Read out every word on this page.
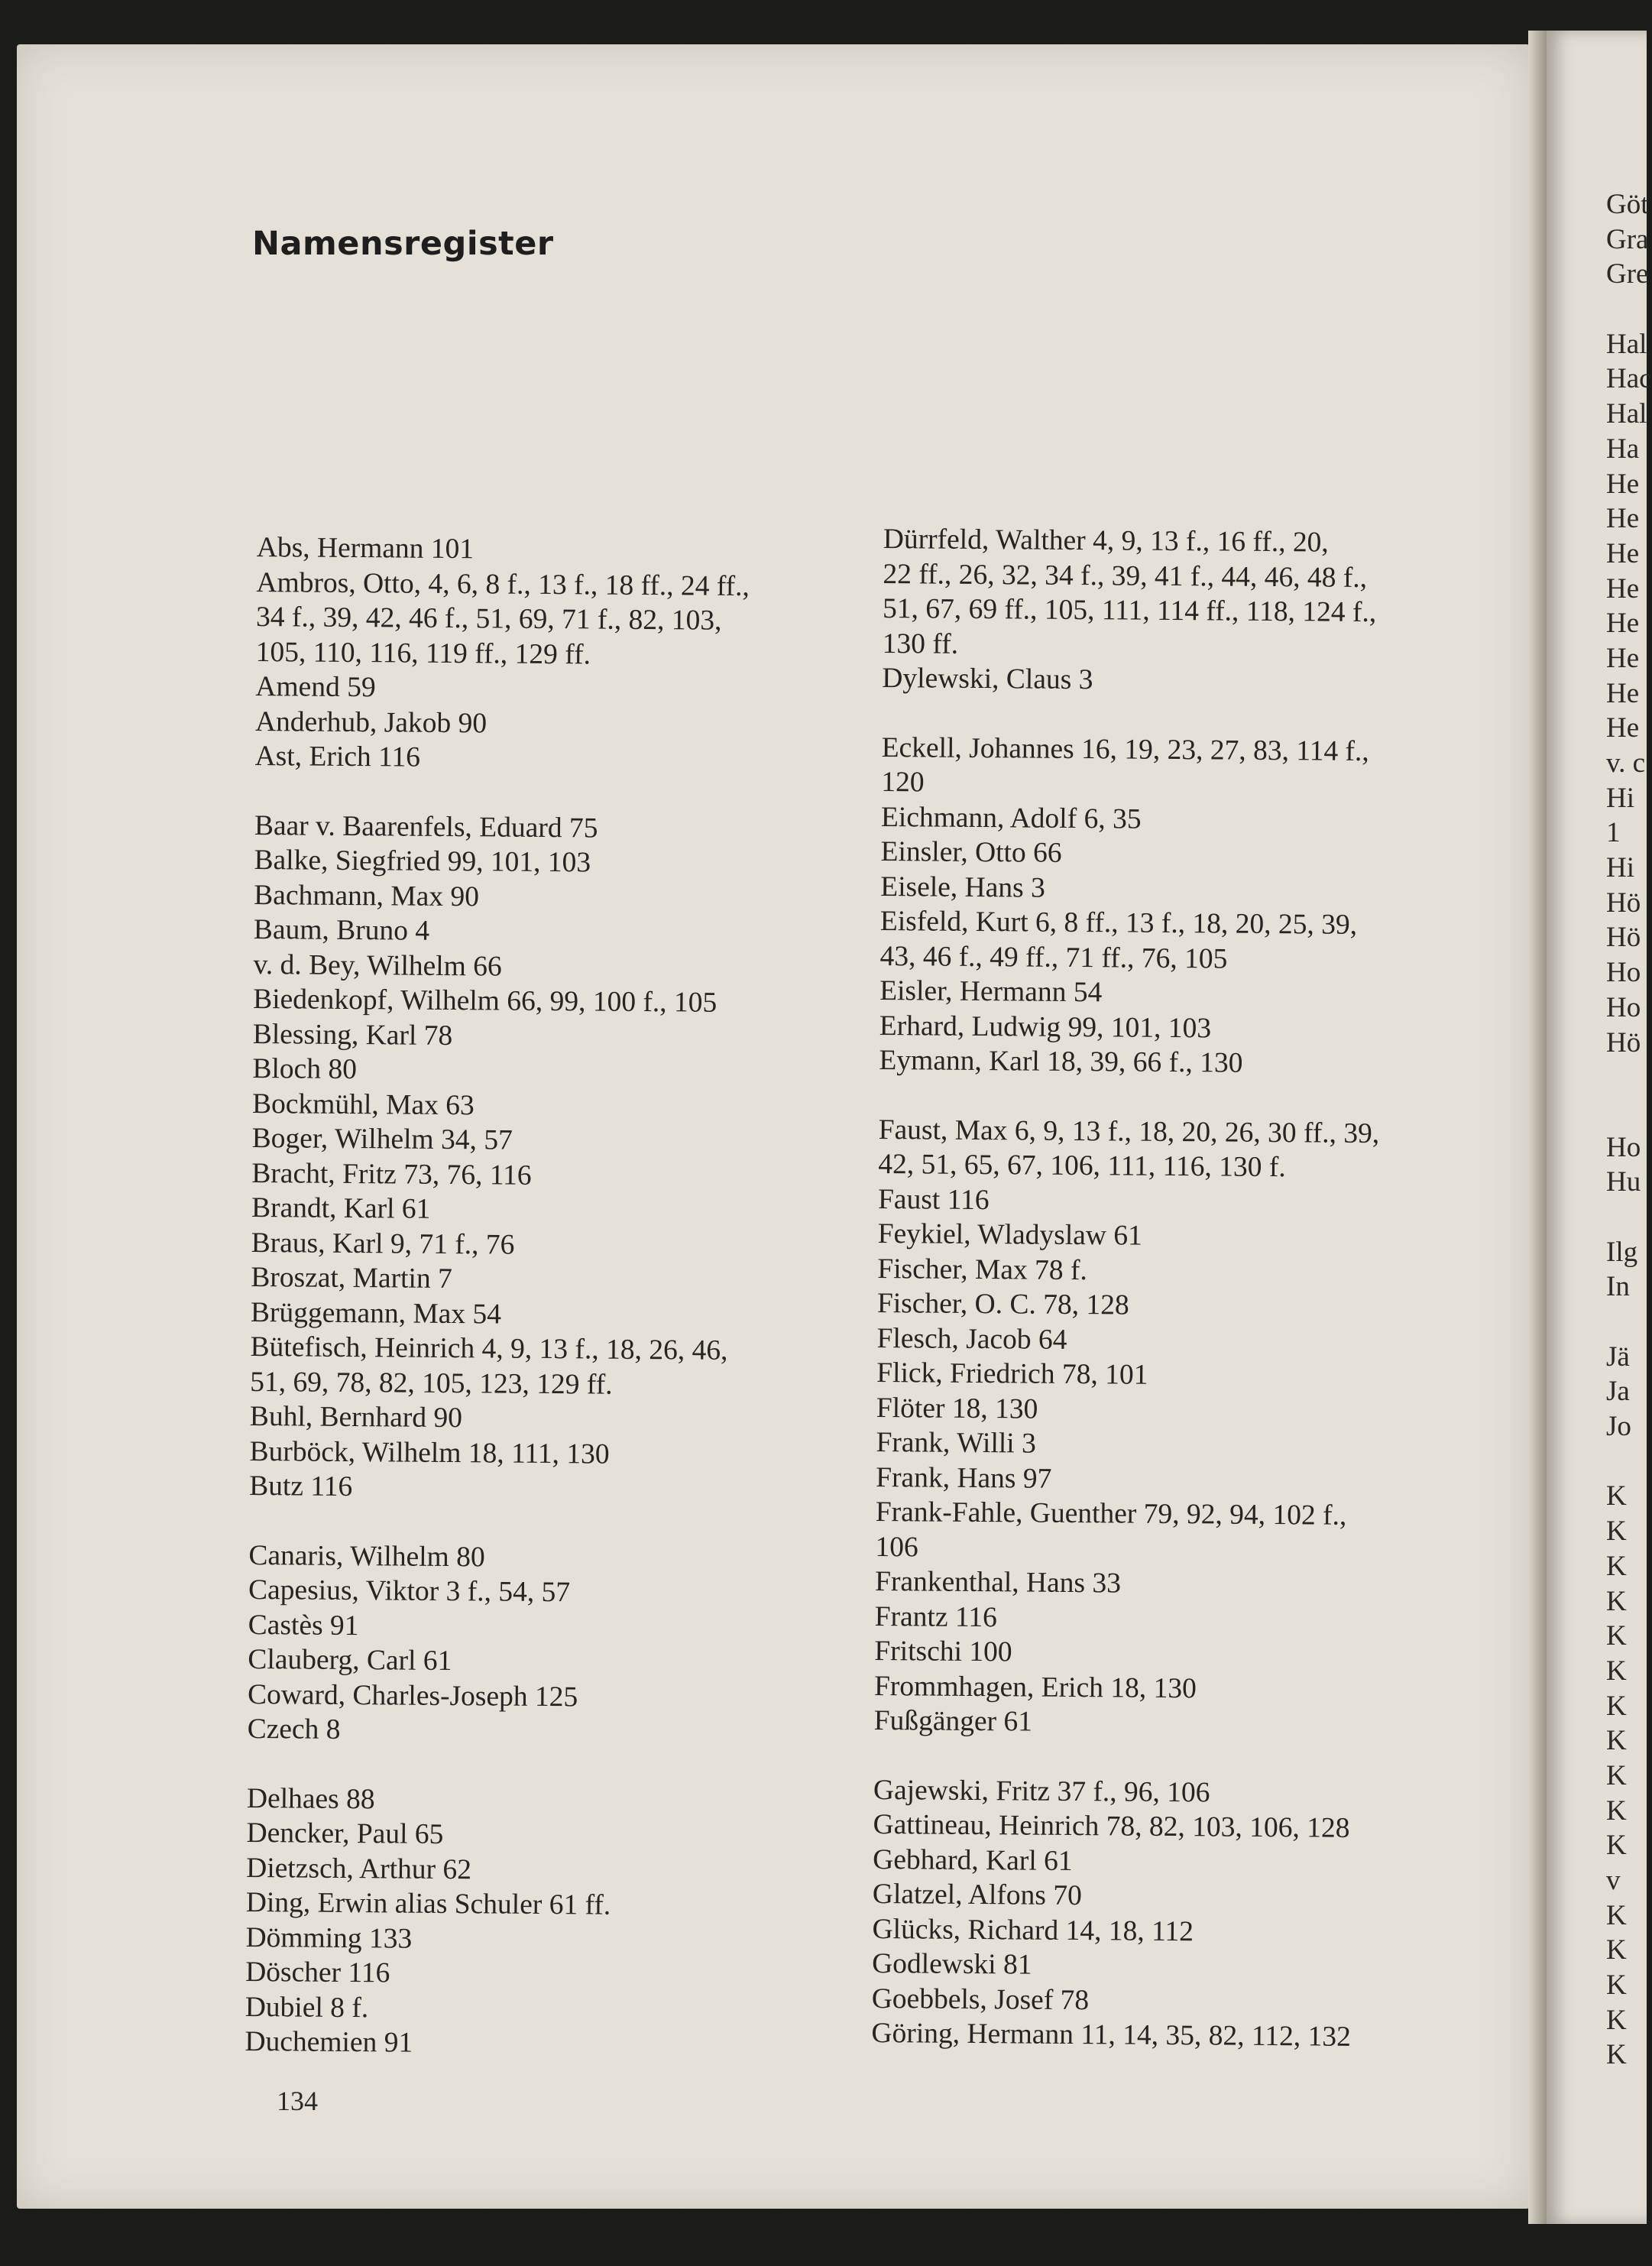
Namensregister

Abs, Hermann 101

Ambros, Otto, 4, 6, 8 f., 13 f., 18 ff., 24 ff.,
34 f., 39, 42, 46 f., 51, 69, 71 f., 82, 103,
105, 110, 116, 119 ff., 129 ff.

Amend 59

Anderhub, Jakob 90

Ast, Erich 116

Baar v. Baarenfels, Eduard 75

Balke, Siegfried 99, 101, 103

Bachmann, Max 90

Baum, Bruno 4

v. d. Bey, Wilhelm 66

Biedenkopf, Wilhelm 66, 99, 100 f., 105

Blessing, Karl 78

Bloch 80

Bockmühl, Max 63

Boger, Wilhelm 34, 57

Bracht, Fritz 73, 76, 116

Brandt, Karl 61

Braus, Karl 9, 71 f., 76

Broszat, Martin 7

Brüggemann, Max 54

Bütefisch, Heinrich 4, 9, 13 f., 18, 26, 46,
51, 69, 78, 82, 105, 123, 129 ff.

Buhl, Bernhard 90

Burböck, Wilhelm 18, 111, 130

Butz 116

Canaris, Wilhelm 80

Capesius, Viktor 3 f., 54, 57

Castès 91

Clauberg, Carl 61

Coward, Charles-Joseph 125

Czech 8

Delhaes 88

Dencker, Paul 65

Dietzsch, Arthur 62

Ding, Erwin alias Schuler 61 ff.

Dömming 133

Döscher 116

Dubiel 8 f.

Duchemien 91

Dürrfeld, Walther 4, 9, 13 f., 16 ff., 20,
22 ff., 26, 32, 34 f., 39, 41 f., 44, 46, 48 f.,
51, 67, 69 ff., 105, 111, 114 ff., 118, 124 f.,
130 ff.

Dylewski, Claus 3

Eckell, Johannes 16, 19, 23, 27, 83, 114 f.,
120

Eichmann, Adolf 6, 35

Einsler, Otto 66

Eisele, Hans 3

Eisfeld, Kurt 6, 8 ff., 13 f., 18, 20, 25, 39,
43, 46 f., 49 ff., 71 ff., 76, 105

Eisler, Hermann 54

Erhard, Ludwig 99, 101, 103

Eymann, Karl 18, 39, 66 f., 130

Faust, Max 6, 9, 13 f., 18, 20, 26, 30 ff., 39,
42, 51, 65, 67, 106, 111, 116, 130 f.

Faust 116

Feykiel, Wladyslaw 61

Fischer, Max 78 f.

Fischer, O. C. 78, 128

Flesch, Jacob 64

Flick, Friedrich 78, 101

Flöter 18, 130

Frank, Willi 3

Frank, Hans 97

Frank-Fahle, Guenther 79, 92, 94, 102 f.,
106

Frankenthal, Hans 33

Frantz 116

Fritschi 100

Frommhagen, Erich 18, 130

Fußgänger 61

Gajewski, Fritz 37 f., 96, 106

Gattineau, Heinrich 78, 82, 103, 106, 128

Gebhard, Karl 61

Glatzel, Alfons 70

Glücks, Richard 14, 18, 112

Godlewski 81

Goebbels, Josef 78

Göring, Hermann 11, 14, 35, 82, 112, 132

134
Göt
Gra
Gre
Hal
Hac
Hal
Ha
He
He
He
He
He
He
He
He
v. c
Hi
1
Hi
Hö
Hö
Ho
Ho
Hö
Ho
Hu
Ilg
In
Jä
Ja
Jo
K
K
K
K
K
K
K
K
K
K
K
v
K
K
K
K
K
